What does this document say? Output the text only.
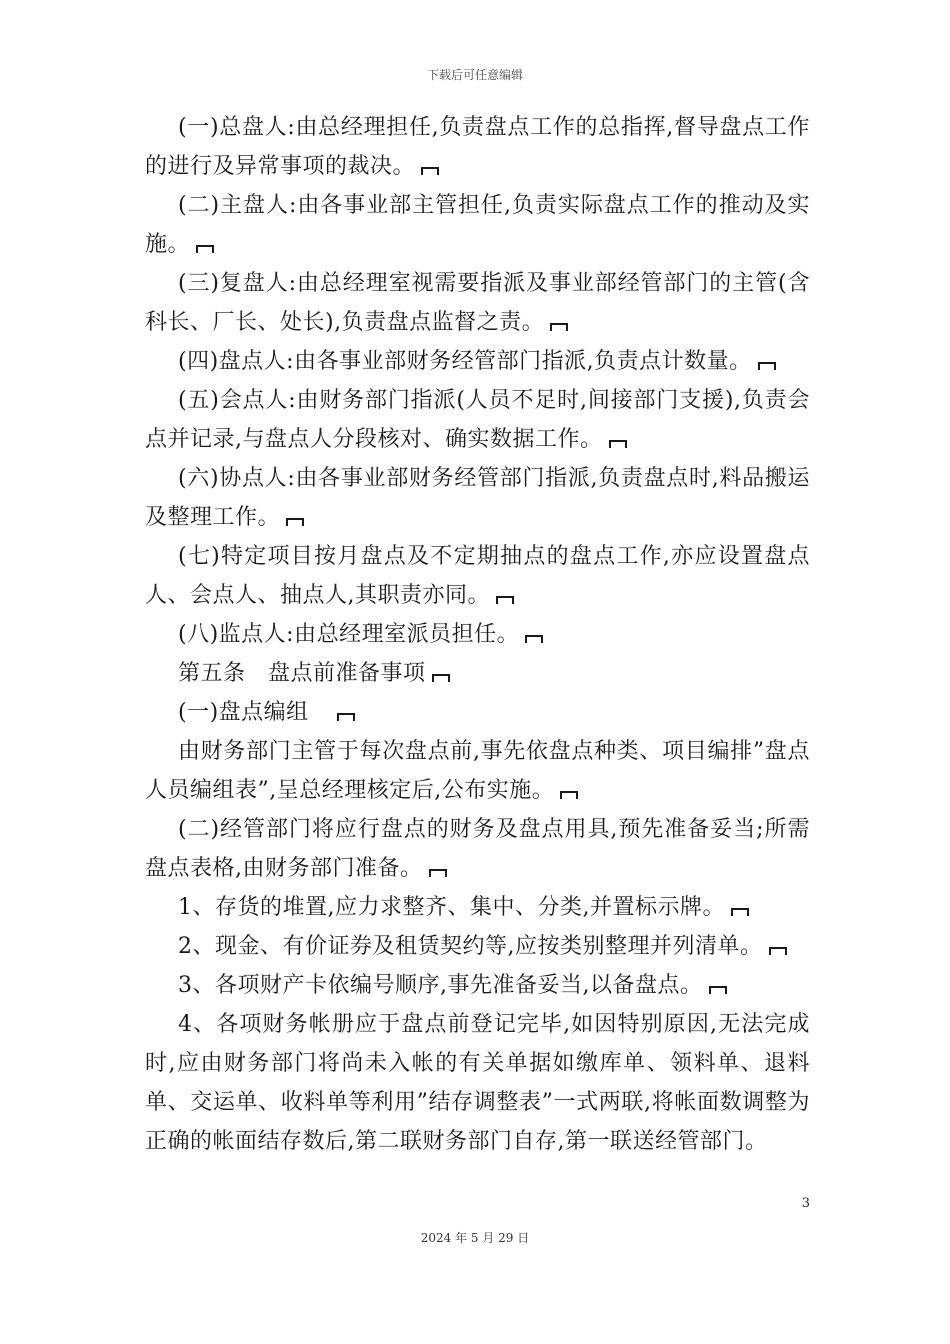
下载后可任意编辑

(一)总盘人:由总经理担任,负责盘点工作的总指挥,督导盘点工作的进行及异常事项的裁决。

(二)主盘人:由各事业部主管担任,负责实际盘点工作的推动及实施。

(三)复盘人:由总经理室视需要指派及事业部经管部门的主管(含科长、厂长、处长),负责盘点监督之责。

(四)盘点人:由各事业部财务经管部门指派,负责点计数量。

(五)会点人:由财务部门指派(人员不足时,间接部门支援),负责会点并记录,与盘点人分段核对、确实数据工作。

(六)协点人:由各事业部财务经管部门指派,负责盘点时,料品搬运及整理工作。

(七)特定项目按月盘点及不定期抽点的盘点工作,亦应设置盘点人、会点人、抽点人,其职责亦同。

(八)监点人:由总经理室派员担任。

第五条　盘点前准备事项

(一)盘点编组　

由财务部门主管于每次盘点前,事先依盘点种类、项目编排”盘点人员编组表”,呈总经理核定后,公布实施。

(二)经管部门将应行盘点的财务及盘点用具,预先准备妥当;所需盘点表格,由财务部门准备。

1、存货的堆置,应力求整齐、集中、分类,并置标示牌。

2、现金、有价证券及租赁契约等,应按类别整理并列清单。

3、各项财产卡依编号顺序,事先准备妥当,以备盘点。

4、各项财务帐册应于盘点前登记完毕,如因特别原因,无法完成时,应由财务部门将尚未入帐的有关单据如缴库单、领料单、退料单、交运单、收料单等利用”结存调整表”一式两联,将帐面数调整为正确的帐面结存数后,第二联财务部门自存,第一联送经管部门。

3
2024 年 5 月 29 日
